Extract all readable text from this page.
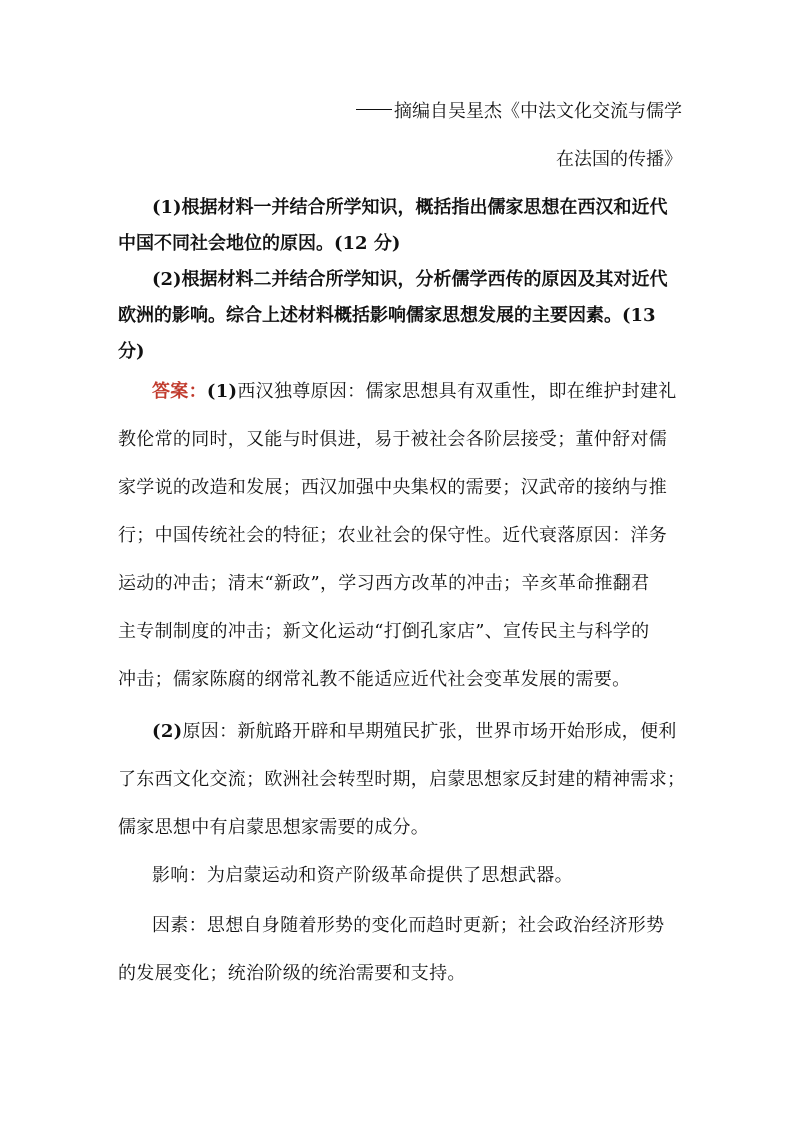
摘编自吴星杰《中法文化交流与儒学
在法国的传播》
(1)根据材料一并结合所学知识，概括指出儒家思想在西汉和近代
中国不同社会地位的原因。(12 分)
(2)根据材料二并结合所学知识，分析儒学西传的原因及其对近代
欧洲的影响。综合上述材料概括影响儒家思想发展的主要因素。(13
分)
答案：(1)西汉独尊原因：儒家思想具有双重性，即在维护封建礼
教伦常的同时，又能与时俱进，易于被社会各阶层接受；董仲舒对儒
家学说的改造和发展；西汉加强中央集权的需要；汉武帝的接纳与推
行；中国传统社会的特征；农业社会的保守性。近代衰落原因：洋务
运动的冲击；清末“新政”，学习西方改革的冲击；辛亥革命推翻君
主专制制度的冲击；新文化运动“打倒孔家店”、宣传民主与科学的
冲击；儒家陈腐的纲常礼教不能适应近代社会变革发展的需要。
(2)原因：新航路开辟和早期殖民扩张，世界市场开始形成，便利
了东西文化交流；欧洲社会转型时期，启蒙思想家反封建的精神需求；
儒家思想中有启蒙思想家需要的成分。
影响：为启蒙运动和资产阶级革命提供了思想武器。
因素：思想自身随着形势的变化而趋时更新；社会政治经济形势
的发展变化；统治阶级的统治需要和支持。
